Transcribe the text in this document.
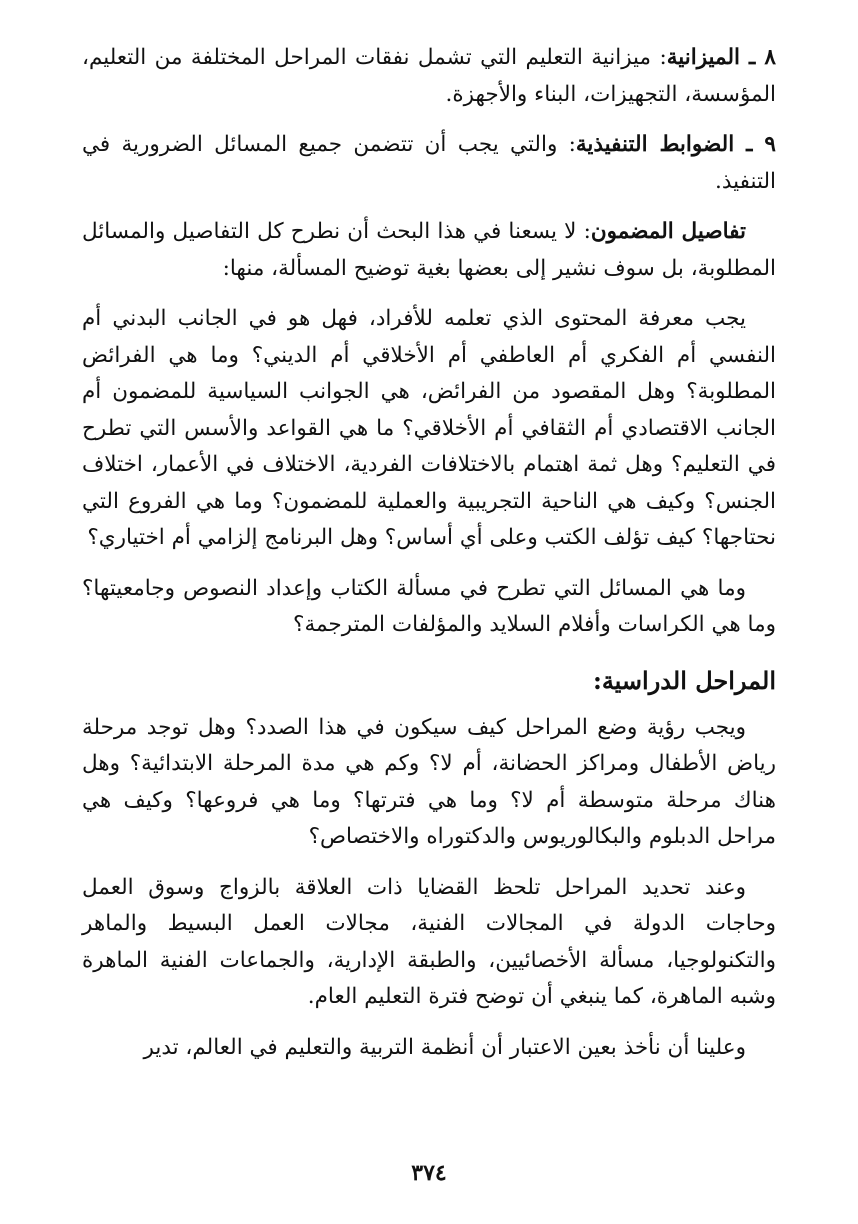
٨ ـ الميزانية: ميزانية التعليم التي تشمل نفقات المراحل المختلفة من التعليم، المؤسسة، التجهيزات، البناء والأجهزة.

٩ ـ الضوابط التنفيذية: والتي يجب أن تتضمن جميع المسائل الضرورية في التنفيذ.

تفاصيل المضمون: لا يسعنا في هذا البحث أن نطرح كل التفاصيل والمسائل المطلوبة، بل سوف نشير إلى بعضها بغية توضيح المسألة، منها:

يجب معرفة المحتوى الذي تعلمه للأفراد، فهل هو في الجانب البدني أم النفسي أم الفكري أم العاطفي أم الأخلاقي أم الديني؟ وما هي الفرائض المطلوبة؟ وهل المقصود من الفرائض، هي الجوانب السياسية للمضمون أم الجانب الاقتصادي أم الثقافي أم الأخلاقي؟ ما هي القواعد والأسس التي تطرح في التعليم؟ وهل ثمة اهتمام بالاختلافات الفردية، الاختلاف في الأعمار، اختلاف الجنس؟ وكيف هي الناحية التجريبية والعملية للمضمون؟ وما هي الفروع التي نحتاجها؟ كيف تؤلف الكتب وعلى أي أساس؟ وهل البرنامج إلزامي أم اختياري؟

وما هي المسائل التي تطرح في مسألة الكتاب وإعداد النصوص وجامعيتها؟ وما هي الكراسات وأفلام السلايد والمؤلفات المترجمة؟

المراحل الدراسية:

ويجب رؤية وضع المراحل كيف سيكون في هذا الصدد؟ وهل توجد مرحلة رياض الأطفال ومراكز الحضانة، أم لا؟ وكم هي مدة المرحلة الابتدائية؟ وهل هناك مرحلة متوسطة أم لا؟ وما هي فترتها؟ وما هي فروعها؟ وكيف هي مراحل الدبلوم والبكالوريوس والدكتوراه والاختصاص؟

وعند تحديد المراحل تلحظ القضايا ذات العلاقة بالزواج وسوق العمل وحاجات الدولة في المجالات الفنية، مجالات العمل البسيط والماهر والتكنولوجيا، مسألة الأخصائيين، والطبقة الإدارية، والجماعات الفنية الماهرة وشبه الماهرة، كما ينبغي أن توضح فترة التعليم العام.

وعلينا أن نأخذ بعين الاعتبار أن أنظمة التربية والتعليم في العالم، تدير

٣٧٤
